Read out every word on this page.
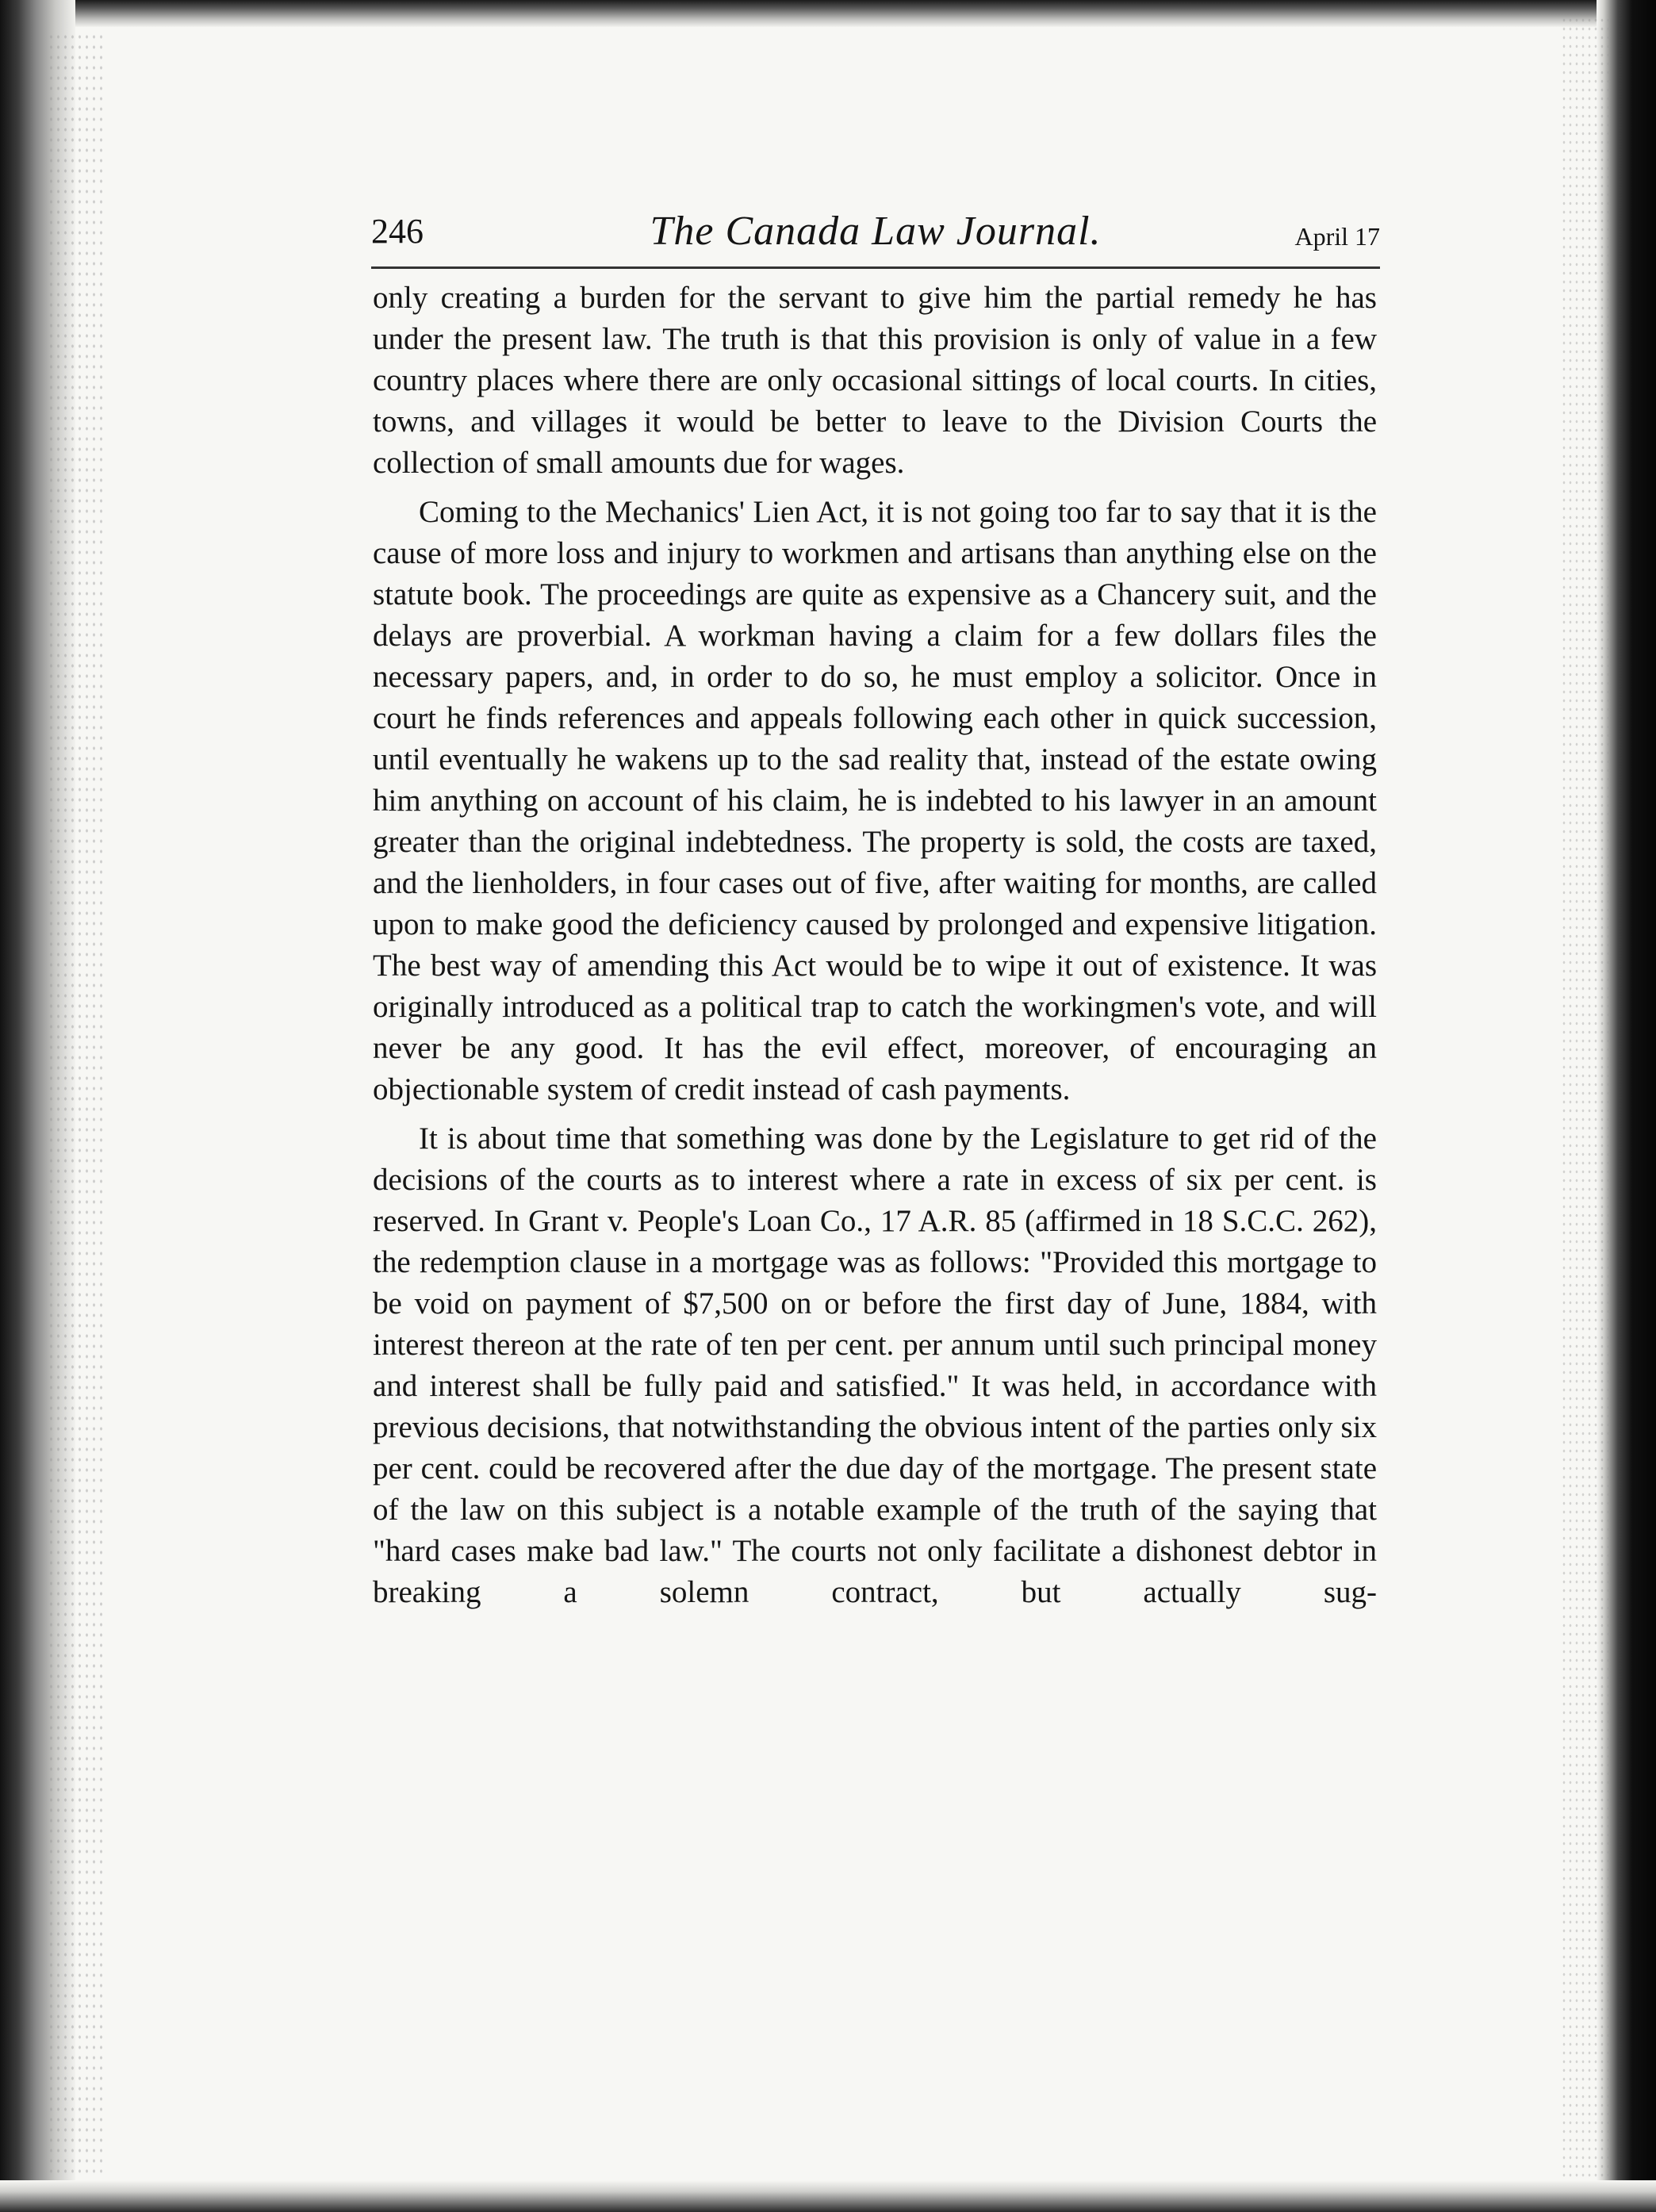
246	The Canada Law Journal.	April 17

only creating a burden for the servant to give him the partial remedy he has under the present law. The truth is that this provision is only of value in a few country places where there are only occasional sittings of local courts. In cities, towns, and villages it would be better to leave to the Division Courts the collection of small amounts due for wages.

Coming to the Mechanics' Lien Act, it is not going too far to say that it is the cause of more loss and injury to workmen and artisans than anything else on the statute book. The proceedings are quite as expensive as a Chancery suit, and the delays are proverbial. A workman having a claim for a few dollars files the necessary papers, and, in order to do so, he must employ a solicitor. Once in court he finds references and appeals following each other in quick succession, until eventually he wakens up to the sad reality that, instead of the estate owing him anything on account of his claim, he is indebted to his lawyer in an amount greater than the original indebtedness. The property is sold, the costs are taxed, and the lienholders, in four cases out of five, after waiting for months, are called upon to make good the deficiency caused by prolonged and expensive litigation. The best way of amending this Act would be to wipe it out of existence. It was originally introduced as a political trap to catch the workingmen's vote, and will never be any good. It has the evil effect, moreover, of encouraging an objectionable system of credit instead of cash payments.

It is about time that something was done by the Legislature to get rid of the decisions of the courts as to interest where a rate in excess of six per cent. is reserved. In Grant v. People's Loan Co., 17 A.R. 85 (affirmed in 18 S.C.C. 262), the redemption clause in a mortgage was as follows: "Provided this mortgage to be void on payment of $7,500 on or before the first day of June, 1884, with interest thereon at the rate of ten per cent. per annum until such principal money and interest shall be fully paid and satisfied." It was held, in accordance with previous decisions, that notwithstanding the obvious intent of the parties only six per cent. could be recovered after the due day of the mortgage. The present state of the law on this subject is a notable example of the truth of the saying that "hard cases make bad law." The courts not only facilitate a dishonest debtor in breaking a solemn contract, but actually sug-
